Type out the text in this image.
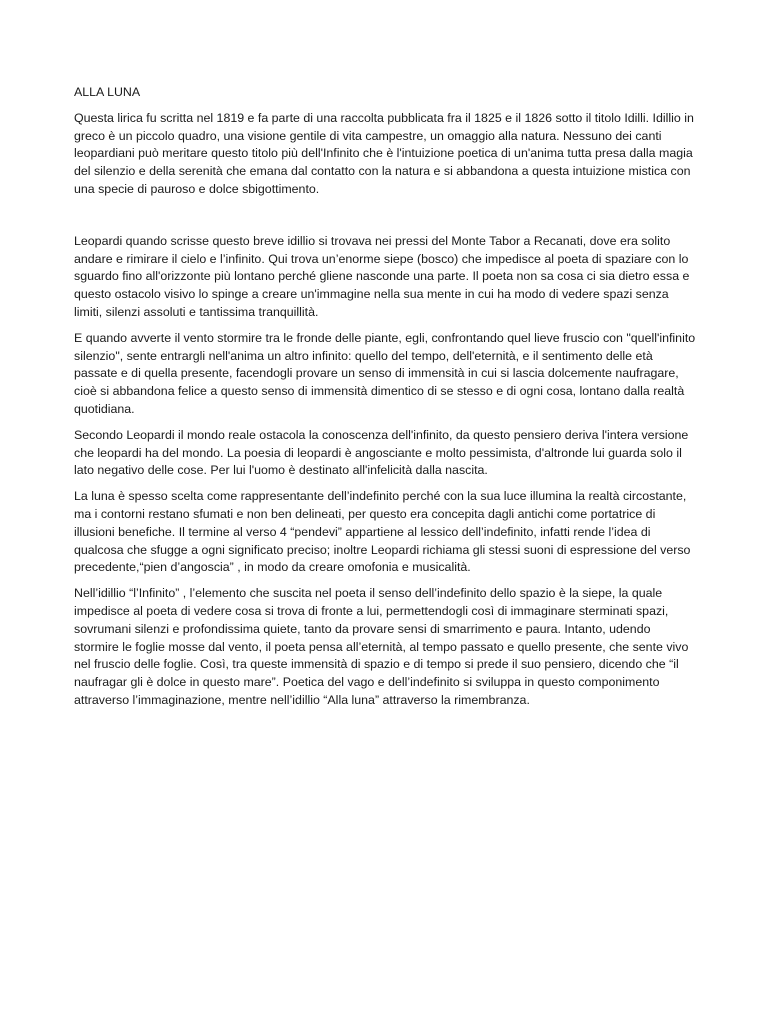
ALLA LUNA

Questa lirica fu scritta nel 1819 e fa parte di una raccolta pubblicata fra il 1825 e il 1826 sotto il titolo Idilli. Idillio in greco è un piccolo quadro, una visione gentile di vita campestre, un omaggio alla natura. Nessuno dei canti leopardiani può meritare questo titolo più dell'Infinito che è l'intuizione poetica di un'anima tutta presa dalla magia del silenzio e della serenità che emana dal contatto con la natura e si abbandona a questa intuizione mistica con una specie di pauroso e dolce sbigottimento.

Leopardi quando scrisse questo breve idillio si trovava nei pressi del Monte Tabor a Recanati, dove era solito andare e rimirare il cielo e l’infinito. Qui trova un’enorme siepe (bosco) che impedisce al poeta di spaziare con lo sguardo fino all'orizzonte più lontano perché gliene nasconde una parte. Il poeta non sa cosa ci sia dietro essa e questo ostacolo visivo lo spinge a creare un'immagine nella sua mente in cui ha modo di vedere spazi senza limiti, silenzi assoluti e tantissima tranquillità.

E quando avverte il vento stormire tra le fronde delle piante, egli, confrontando quel lieve fruscio con "quell'infinito silenzio", sente entrargli nell'anima un altro infinito: quello del tempo, dell'eternità, e il sentimento delle età passate e di quella presente, facendogli provare un senso di immensità in cui si lascia dolcemente naufragare, cioè si abbandona felice a questo senso di immensità dimentico di se stesso e di ogni cosa, lontano dalla realtà quotidiana.

Secondo Leopardi il mondo reale ostacola la conoscenza dell'infinito, da questo pensiero deriva l'intera versione che leopardi ha del mondo. La poesia di leopardi è angosciante e molto pessimista, d'altronde lui guarda solo il lato negativo delle cose. Per lui l'uomo è destinato all'infelicità dalla nascita.

La luna è spesso scelta come rappresentante dell’indefinito perché con la sua luce illumina la realtà circostante, ma i contorni restano sfumati e non ben delineati, per questo era concepita dagli antichi come portatrice di illusioni benefiche. Il termine al verso 4 “pendevi” appartiene al lessico dell’indefinito, infatti rende l’idea di qualcosa che sfugge a ogni significato preciso; inoltre Leopardi richiama gli stessi suoni di espressione del verso precedente,“pien d’angoscia” , in modo da creare omofonia e musicalità.

Nell’idillio “l’Infinito” , l’elemento che suscita nel poeta il senso dell’indefinito dello spazio è la siepe, la quale impedisce al poeta di vedere cosa si trova di fronte a lui, permettendogli così di immaginare sterminati spazi, sovrumani silenzi e profondissima quiete, tanto da provare sensi di smarrimento e paura. Intanto, udendo stormire le foglie mosse dal vento, il poeta pensa all’eternità, al tempo passato e quello presente, che sente vivo nel fruscio delle foglie. Così, tra queste immensità di spazio e di tempo si prede il suo pensiero, dicendo che “il naufragar gli è dolce in questo mare”. Poetica del vago e dell’indefinito si sviluppa in questo componimento attraverso l’immaginazione, mentre nell’idillio “Alla luna” attraverso la rimembranza.
